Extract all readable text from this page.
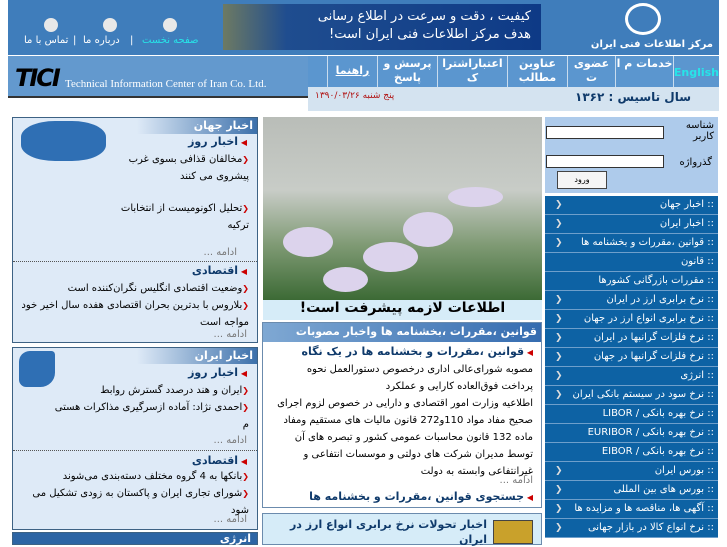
تماس با ما | درباره ما | صفحه نخست
کیفیت ، دقت و سرعت در اطلاع رسانی
هدف مرکز اطلاعات فنی ایران است!
مرکز اطلاعات فنی ایران
TICI Technical Information Center of Iran Co. Ltd.
English
خدمات م ا
عضوی ت
عناوین مطالب
اعتباراشترا ک
پرسش و پاسخ
راهنما
پنج شنبه ۱۳۹۰/۰۳/۲۶	سال تاسیس : ۱۳۶۲
شناسه کاربر
گذرواژه
ورود
:: اخبار جهان
❮
:: اخبار ایران
❮
:: قوانین ،مقررات و بخشنامه ها
❮
:: قانون
:: مقررات بازرگانی کشورها
:: نرخ برابری ارز در ایران
❮
:: نرخ برابری انواع ارز در جهان
❮
:: نرخ فلزات گرانبها در ایران
❮
:: نرخ فلزات گرانبها در جهان
❮
:: انرژی
❮
:: نرخ سود در سیستم بانکی ایران
❮
:: نرخ بهره بانکی / LIBOR
:: نرخ بهره بانکی / EURIBOR
:: نرخ بهره بانکی / EIBOR
:: بورس ایران
❮
:: بورس های بین المللی
❮
:: آگهی ها، مناقصه ها و مزایده ها
❮
:: نرخ انواع کالا در بازار جهانی
❮
اطلاعات لازمه پیشرفت است!
قوانین ،مقررات ،بخشنامه ها واخبار مصوبات
◀ قوانین ،مقررات و بخشنامه ها در یک نگاه
مصوبه شورای‌عالی اداری درخصوص دستورالعمل نحوه پرداخت فوق‌العاده کارایی و عملکرد
اطلاعیه وزارت امور اقتصادی و دارایی در خصوص لزوم اجرای صحیح مفاد مواد 110و272 قانون مالیات های مستقیم ومفاد ماده 132 قانون محاسبات عمومی کشور و تبصره های آن توسط مدیران شرکت های دولتی و موسسات انتفاعی و غیرانتفاعی وابسته به دولت
ادامه ...
◀ جستجوی قوانین ،مقررات و بخشنامه ها
اخبار تحولات نرخ برابری انواع ارز در ایران
اخبار جهان
◀ اخبار روز
❮مخالفان قذافی بسوی غرب پیشروی می کنند
❮تحلیل اکونومیست از انتخابات ترکیه
ادامه ...
◀ اقتصادی
❮وضعیت اقتصادی انگلیس نگران‌کننده است
❮بلاروس با بدترین بحران اقتصادی هفده سال اخیر خود مواجه است
ادامه ...
اخبار ایران
◀ اخبار روز
❮ایران و هند درصدد گسترش روابط
❮احمدی نژاد: آماده ازسرگیری مذاکرات هستی م
ادامه ...
◀ اقتصادی
❮بانکها به 4 گروه مختلف دسته‌بندی می‌شوند
❮شورای تجاری ایران و پاکستان به زودی تشکیل می شود
ادامه ...
انرژی
